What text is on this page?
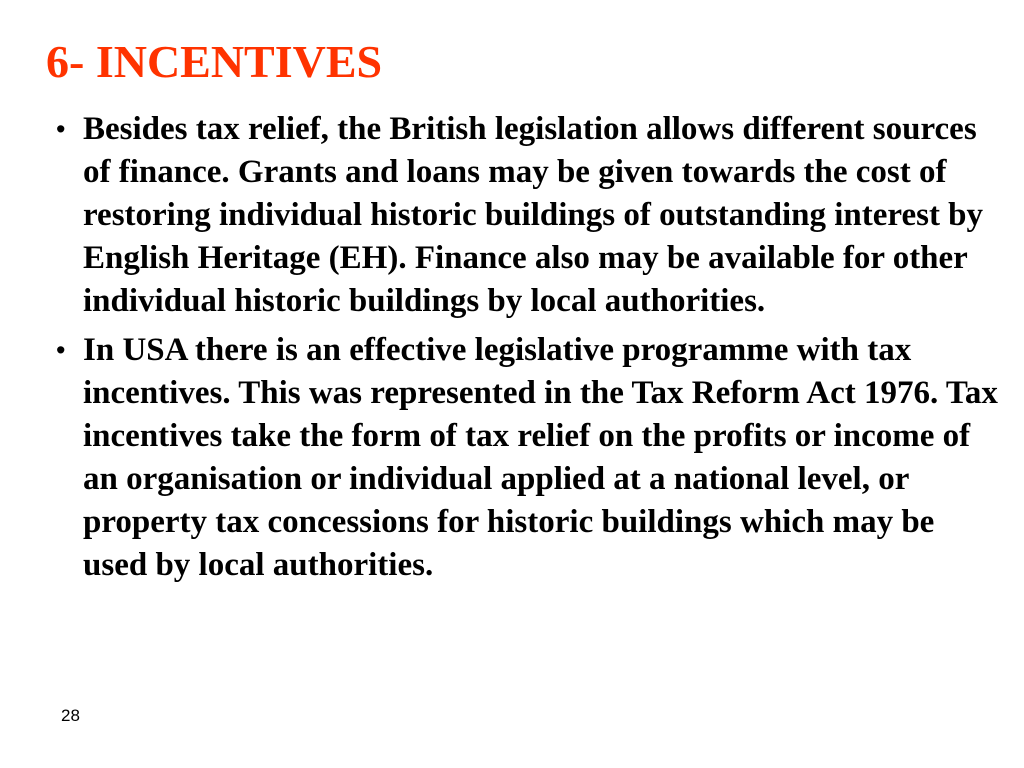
6- INCENTIVES
• Besides tax relief, the British legislation allows different sources of finance. Grants and loans may be given towards the cost of restoring individual historic buildings of outstanding interest by English Heritage (EH). Finance also may be available for other individual historic buildings by local authorities.
• In USA there is an effective legislative programme with tax incentives. This was represented in the Tax Reform Act 1976. Tax incentives take the form of tax relief on the profits or income of an organisation or individual applied at a national level, or property tax concessions for historic buildings which may be used by local authorities.
28
